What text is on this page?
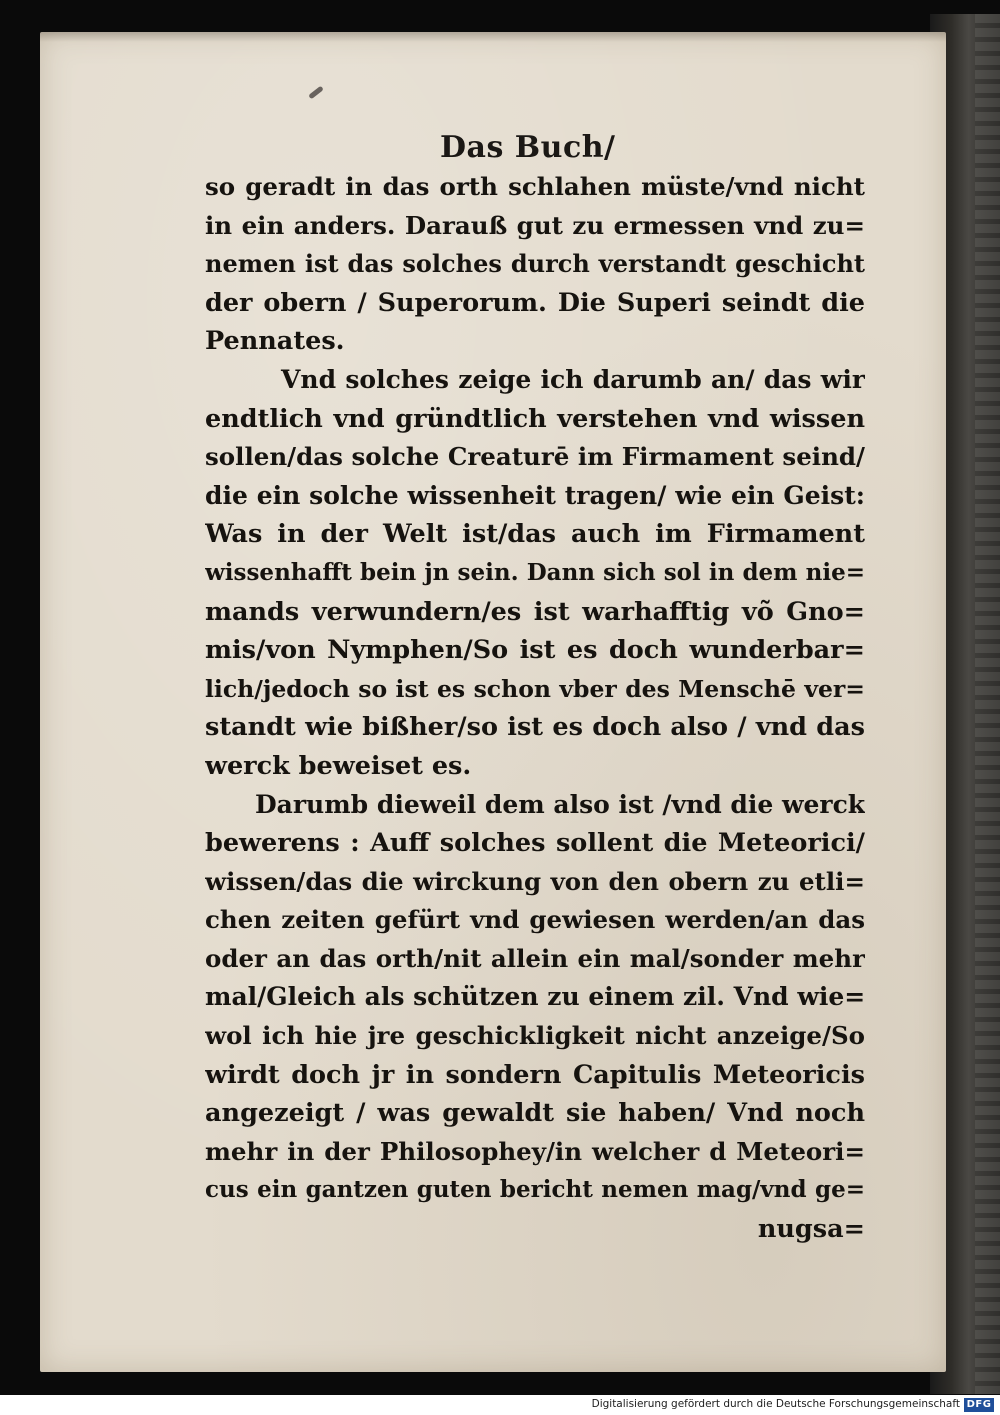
Das Buch/
so geradt in das orth schlahen müste/vnd nicht
in ein anders. Darauß gut zu ermessen vnd zu=
nemen ist das solches durch verstandt geschicht
der obern / Superorum. Die Superi seindt die
Pennates.
Vnd solches zeige ich darumb an/ das wir
endtlich vnd gründtlich verstehen vnd wissen
sollen/das solche Creaturē im Firmament seind/
die ein solche wissenheit tragen/ wie ein Geist:
Was in der Welt ist/das auch im Firmament
wissenhafft bein jn sein. Dann sich sol in dem nie=
mands verwundern/es ist warhafftig võ Gno=
mis/von Nymphen/So ist es doch wunderbar=
lich/jedoch so ist es schon vber des Menschē ver=
standt wie bißher/so ist es doch also / vnd das
werck beweiset es.
Darumb dieweil dem also ist /vnd die werck
bewerens : Auff solches sollent die Meteorici/
wissen/das die wirckung von den obern zu etli=
chen zeiten gefürt vnd gewiesen werden/an das
oder an das orth/nit allein ein mal/sonder mehr
mal/Gleich als schützen zu einem zil. Vnd wie=
wol ich hie jre geschickligkeit nicht anzeige/So
wirdt doch jr in sondern Capitulis Meteoricis
angezeigt / was gewaldt sie haben/ Vnd noch
mehr in der Philosophey/in welcher d Meteori=
cus ein gantzen guten bericht nemen mag/vnd ge=
nugsa=
Digitalisierung gefördert durch die Deutsche Forschungsgemeinschaft DFG
